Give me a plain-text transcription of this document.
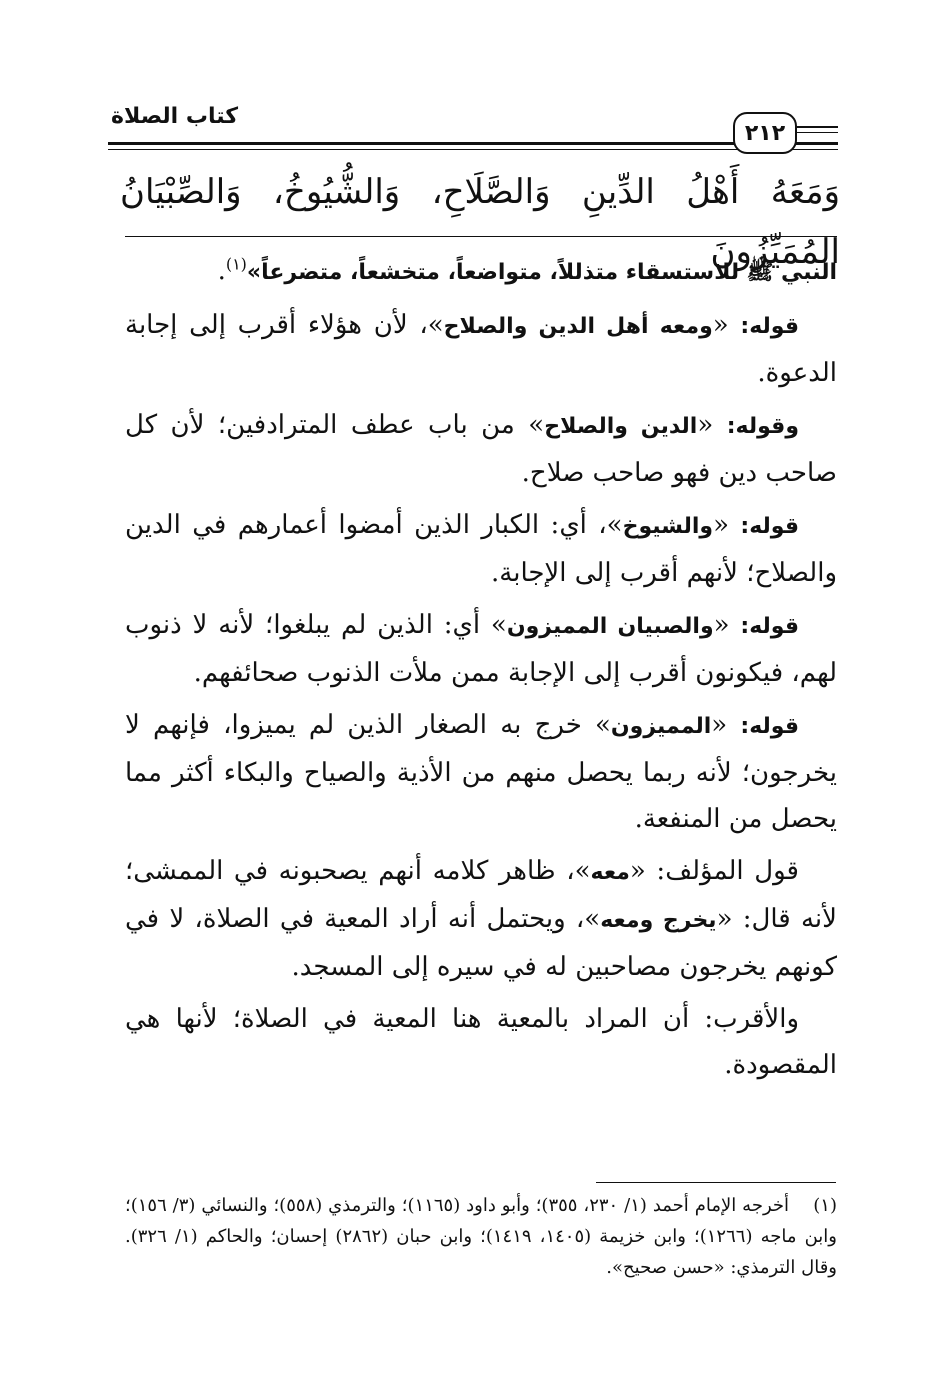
كتاب الصلاة
٢١٢
وَمَعَهُ أَهْلُ الدِّينِ وَالصَّلَاحِ، وَالشُّيُوخُ، وَالصِّبْيَانُ المُمَيِّزُونَ

النبي ﷺ للاستسقاء متذللاً، متواضعاً، متخشعاً، متضرعاً»$^{(١)}$.

قوله: «ومعه أهل الدين والصلاح»، لأن هؤلاء أقرب إلى إجابة الدعوة.

وقوله: «الدين والصلاح» من باب عطف المترادفين؛ لأن كل صاحب دين فهو صاحب صلاح.

قوله: «والشيوخ»، أي: الكبار الذين أمضوا أعمارهم في الدين والصلاح؛ لأنهم أقرب إلى الإجابة.

قوله: «والصبيان المميزون» أي: الذين لم يبلغوا؛ لأنه لا ذنوب لهم، فيكونون أقرب إلى الإجابة ممن ملأت الذنوب صحائفهم.

قوله: «المميزون» خرج به الصغار الذين لم يميزوا، فإنهم لا يخرجون؛ لأنه ربما يحصل منهم من الأذية والصياح والبكاء أكثر مما يحصل من المنفعة.

قول المؤلف: «معه»، ظاهر كلامه أنهم يصحبونه في الممشى؛ لأنه قال: «يخرج ومعه»، ويحتمل أنه أراد المعية في الصلاة، لا في كونهم يخرجون مصاحبين له في سيره إلى المسجد.

والأقرب: أن المراد بالمعية هنا المعية في الصلاة؛ لأنها هي المقصودة.

(١)أخرجه الإمام أحمد (١/ ٢٣٠، ٣٥٥)؛ وأبو داود (١١٦٥)؛ والترمذي (٥٥٨)؛ والنسائي (٣/ ١٥٦)؛ وابن ماجه (١٢٦٦)؛ وابن خزيمة (١٤٠٥، ١٤١٩)؛ وابن حبان (٢٨٦٢) إحسان؛ والحاكم (١/ ٣٢٦). وقال الترمذي: «حسن صحيح».
